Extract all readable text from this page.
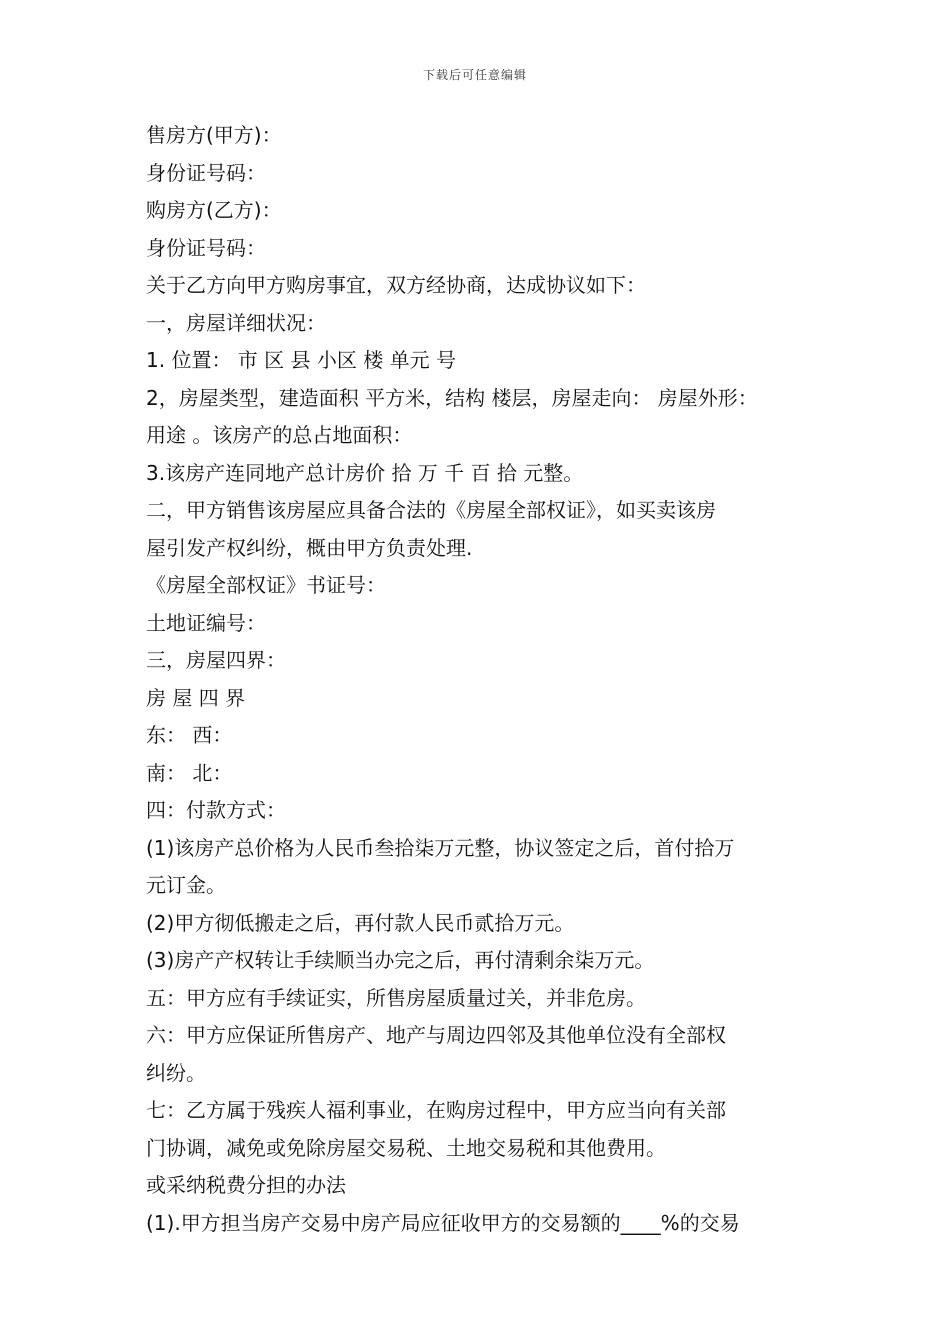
下载后可任意编辑
售房方(甲方)：
身份证号码：
购房方(乙方)：
身份证号码：
关于乙方向甲方购房事宜，双方经协商，达成协议如下：
一，房屋详细状况：
1. 位置： 市 区 县 小区 楼 单元 号
2，房屋类型，建造面积 平方米，结构 楼层，房屋走向： 房屋外形：
用途 。该房产的总占地面积：
3.该房产连同地产总计房价 拾 万 千 百 拾 元整。
二，甲方销售该房屋应具备合法的《房屋全部权证》，如买卖该房
屋引发产权纠纷，概由甲方负责处理.
《房屋全部权证》书证号：
土地证编号：
三，房屋四界：
房 屋 四 界
东： 西：
南： 北：
四：付款方式：
(1)该房产总价格为人民币叁拾柒万元整，协议签定之后，首付拾万
元订金。
(2)甲方彻低搬走之后，再付款人民币贰拾万元。
(3)房产产权转让手续顺当办完之后，再付清剩余柒万元。
五：甲方应有手续证实，所售房屋质量过关，并非危房。
六：甲方应保证所售房产、地产与周边四邻及其他单位没有全部权
纠纷。
七：乙方属于残疾人福利事业，在购房过程中，甲方应当向有关部
门协调，减免或免除房屋交易税、土地交易税和其他费用。
或采纳税费分担的办法
(1).甲方担当房产交易中房产局应征收甲方的交易额的____%的交易
